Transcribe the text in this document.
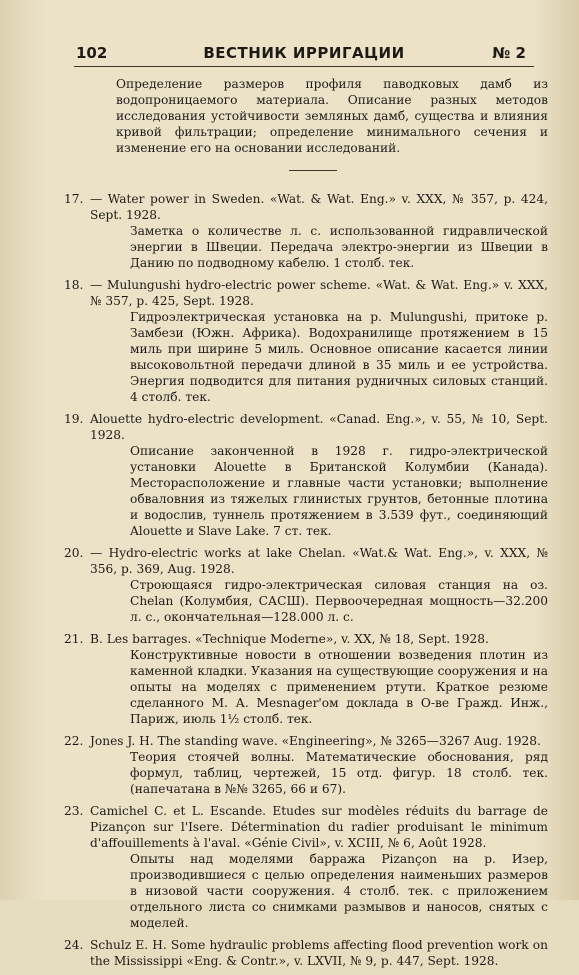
102	ВЕСТНИК ИРРИГАЦИИ	№ 2

Определение размеров профиля паводковых дамб из водопроницаемого материала. Описание разных методов исследования устойчивости земляных дамб, существа и влияния кривой фильтрации; определение минимального сечения и изменение его на основании исследований.

17. — Water power in Sweden. «Wat. & Wat. Eng.» v. XXX, № 357, p. 424, Sept. 1928.
Заметка о количестве л. с. использованной гидравлической энергии в Швеции. Передача электро-энергии из Швеции в Данию по подводному кабелю. 1 столб. тек.
18. — Mulungushi hydro-electric power scheme. «Wat. & Wat. Eng.» v. XXX, № 357, p. 425, Sept. 1928.
Гидроэлектрическая установка на р. Mulungushi, притоке р. Замбези (Южн. Африка). Водохранилище протяжением в 15 миль при ширине 5 миль. Основное описание касается линии высоковольтной передачи длиной в 35 миль и ее устройства. Энергия подводится для питания рудничных силовых станций. 4 столб. тек.
19. Alouette hydro-electric development. «Canad. Eng.», v. 55, № 10, Sept. 1928.
Описание законченной в 1928 г. гидро-электрической установки Alouette в Британской Колумбии (Канада). Месторасположение и главные части установки; выполнение обваловния из тяжелых глинистых грунтов, бетонные плотина и водослив, туннель протяжением в 3.539 фут., соединяющий Alouette и Slave Lake. 7 ст. тек.
20. — Hydro-electric works at lake Chelan. «Wat.& Wat. Eng.», v. XXX, № 356, p. 369, Aug. 1928.
Строющаяся гидро-электрическая силовая станция на оз. Chelan (Колумбия, САСШ). Первоочередная мощность—32.200 л. с., окончательная—128.000 л. с.
21. B. Les barrages. «Technique Moderne», v. XX, № 18, Sept. 1928.
Конструктивные новости в отношении возведения плотин из каменной кладки. Указания на существующие сооружения и на опыты на моделях с применением ртути. Краткое резюме сделанного М. А. Mesnager'ом доклада в О-ве Гражд. Инж., Париж, июль 1½ столб. тек.
22. Jones J. H. The standing wave. «Engineering», № 3265—3267 Aug. 1928.
Теория стоячей волны. Математические обоснования, ряд формул, таблиц, чертежей, 15 отд. фигур. 18 столб. тек. (напечатана в №№ 3265, 66 и 67).
23. Camichel C. et L. Escande. Etudes sur modèles réduits du barrage de Pizançon sur l'Isere. Détermination du radier produisant le minimum d'affouillements à l'aval. «Génie Civil», v. XCIII, № 6, Août 1928.
Опыты над моделями барража Pizançon на р. Изер, производившиеся с целью определения наименьших размеров в низовой части сооружения. 4 столб. тек. с приложением отдельного листа со снимками размывов и наносов, снятых с моделей.
24. Schulz E. H. Some hydraulic problems affecting flood prevention work on the Mississippi «Eng. & Contr.», v. LXVII, № 9, p. 447, Sept. 1928.
